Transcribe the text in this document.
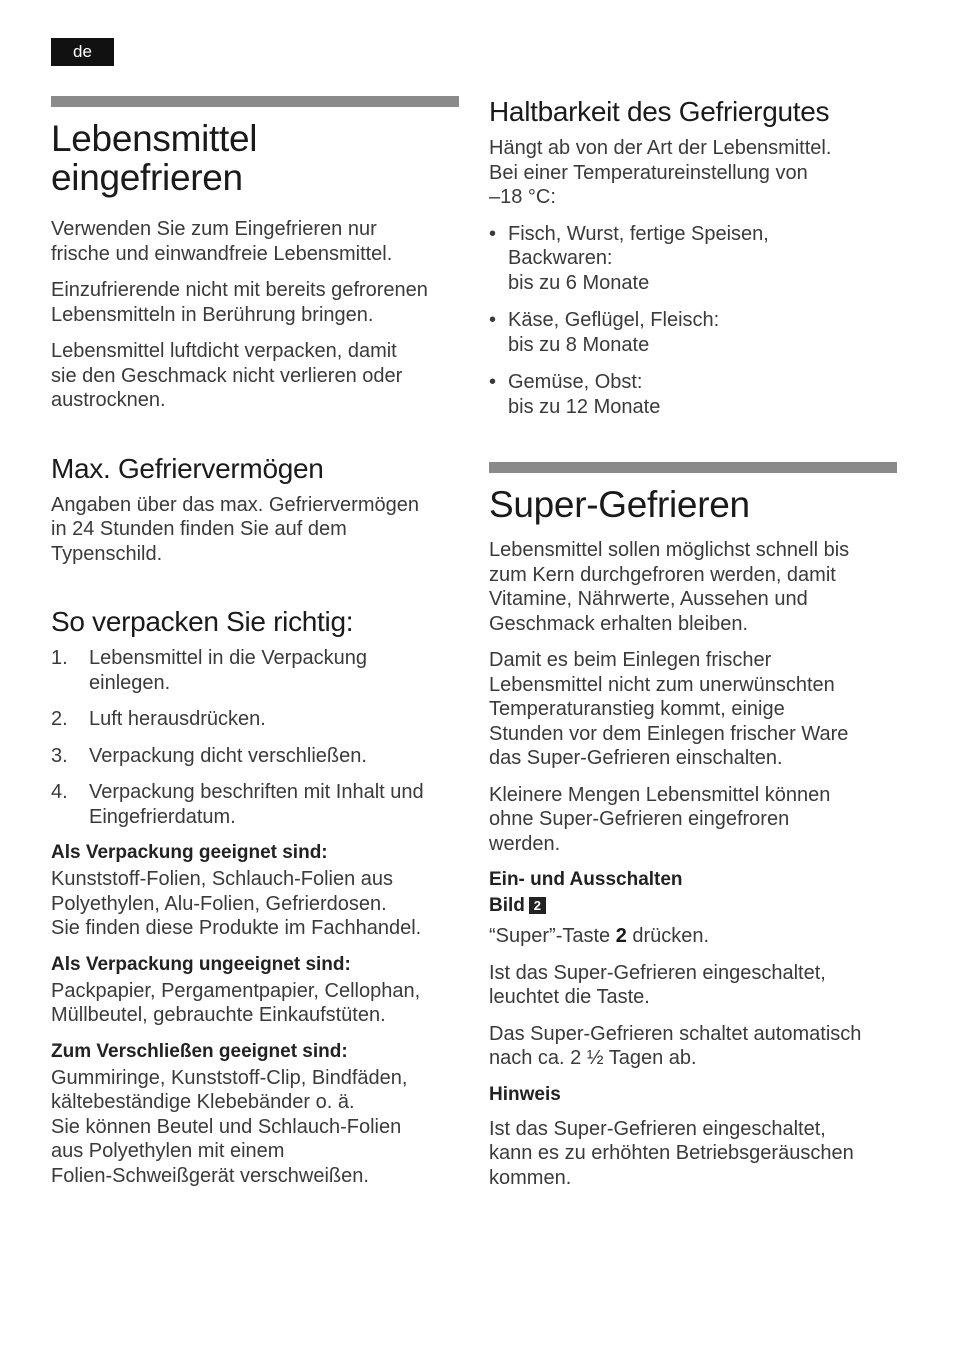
de
Lebensmittel
eingefrieren

Verwenden Sie zum Eingefrieren nur
frische und einwandfreie Lebensmittel.

Einzufrierende nicht mit bereits gefrorenen
Lebensmitteln in Berührung bringen.

Lebensmittel luftdicht verpacken, damit
sie den Geschmack nicht verlieren oder
austrocknen.

Max. Gefriervermögen

Angaben über das max. Gefriervermögen
in 24 Stunden finden Sie auf dem
Typenschild.

So verpacken Sie richtig:
1.	Lebensmittel in die Verpackung
einlegen.
2.	Luft herausdrücken.
3.	Verpackung dicht verschließen.
4.	Verpackung beschriften mit Inhalt und
Eingefrierdatum.
Als Verpackung geeignet sind:

Kunststoff-Folien, Schlauch-Folien aus
Polyethylen, Alu-Folien, Gefrierdosen.
Sie finden diese Produkte im Fachhandel.

Als Verpackung ungeeignet sind:

Packpapier, Pergamentpapier, Cellophan,
Müllbeutel, gebrauchte Einkaufstüten.

Zum Verschließen geeignet sind:

Gummiringe, Kunststoff-Clip, Bindfäden,
kältebeständige Klebebänder o. ä.
Sie können Beutel und Schlauch-Folien
aus Polyethylen mit einem
Folien-Schweißgerät verschweißen.

Haltbarkeit des Gefriergutes

Hängt ab von der Art der Lebensmittel.
Bei einer Temperatureinstellung von
–18 °C:

• Fisch, Wurst, fertige Speisen,
Backwaren:
bis zu 6 Monate
• Käse, Geflügel, Fleisch:
bis zu 8 Monate
• Gemüse, Obst:
bis zu 12 Monate
Super-Gefrieren

Lebensmittel sollen möglichst schnell bis
zum Kern durchgefroren werden, damit
Vitamine, Nährwerte, Aussehen und
Geschmack erhalten bleiben.

Damit es beim Einlegen frischer
Lebensmittel nicht zum unerwünschten
Temperaturanstieg kommt, einige
Stunden vor dem Einlegen frischer Ware
das Super-Gefrieren einschalten.

Kleinere Mengen Lebensmittel können
ohne Super-Gefrieren eingefroren
werden.

Ein- und Ausschalten
Bild 2

“Super”-Taste 2 drücken.

Ist das Super-Gefrieren eingeschaltet,
leuchtet die Taste.

Das Super-Gefrieren schaltet automatisch
nach ca. 2 ½ Tagen ab.

Hinweis

Ist das Super-Gefrieren eingeschaltet,
kann es zu erhöhten Betriebsgeräuschen
kommen.
